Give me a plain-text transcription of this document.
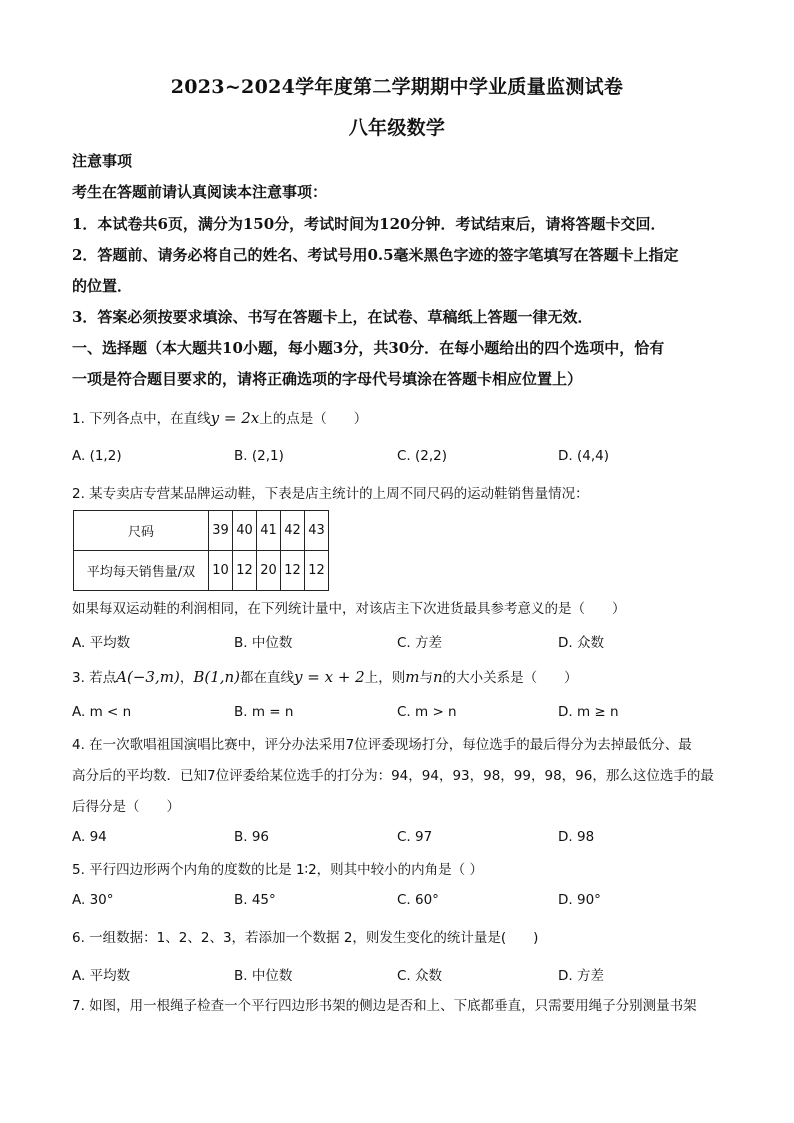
2023~2024学年度第二学期期中学业质量监测试卷
八年级数学
注意事项
考生在答题前请认真阅读本注意事项：
1．本试卷共6页，满分为150分，考试时间为120分钟．考试结束后，请将答题卡交回．
2．答题前、请务必将自己的姓名、考试号用0.5毫米黑色字迹的签字笔填写在答题卡上指定
的位置．
3．答案必须按要求填涂、书写在答题卡上，在试卷、草稿纸上答题一律无效．
一、选择题（本大题共10小题，每小题3分，共30分．在每小题给出的四个选项中，恰有
一项是符合题目要求的，请将正确选项的字母代号填涂在答题卡相应位置上）
1. 下列各点中，在直线y = 2x上的点是（　　）
A. (1,2)	B. (2,1)	C. (2,2)	D. (4,4)
2. 某专卖店专营某品牌运动鞋，下表是店主统计的上周不同尺码的运动鞋销售量情况：
尺码	39	40	41	42	43
平均每天销售量/双	10	12	20	12	12
如果每双运动鞋的利润相同，在下列统计量中，对该店主下次进货最具参考意义的是（　　）
A. 平均数	B. 中位数	C. 方差	D. 众数
3. 若点A(−3,m)，B(1,n)都在直线y = x + 2上，则m与n的大小关系是（　　）
A. m < n	B. m = n	C. m > n	D. m ≥ n
4. 在一次歌唱祖国演唱比赛中，评分办法采用7位评委现场打分，每位选手的最后得分为去掉最低分、最
高分后的平均数．已知7位评委给某位选手的打分为：94，94，93，98，99，98，96，那么这位选手的最
后得分是（　　）
A. 94	B. 96	C. 97	D. 98
5. 平行四边形两个内角的度数的比是 1∶2，则其中较小的内角是（ ）
A. 30°	B. 45°	C. 60°	D. 90°
6. 一组数据：1、2、2、3，若添加一个数据 2，则发生变化的统计量是(　　)
A. 平均数	B. 中位数	C. 众数	D. 方差
7. 如图，用一根绳子检查一个平行四边形书架的侧边是否和上、下底都垂直，只需要用绳子分别测量书架
